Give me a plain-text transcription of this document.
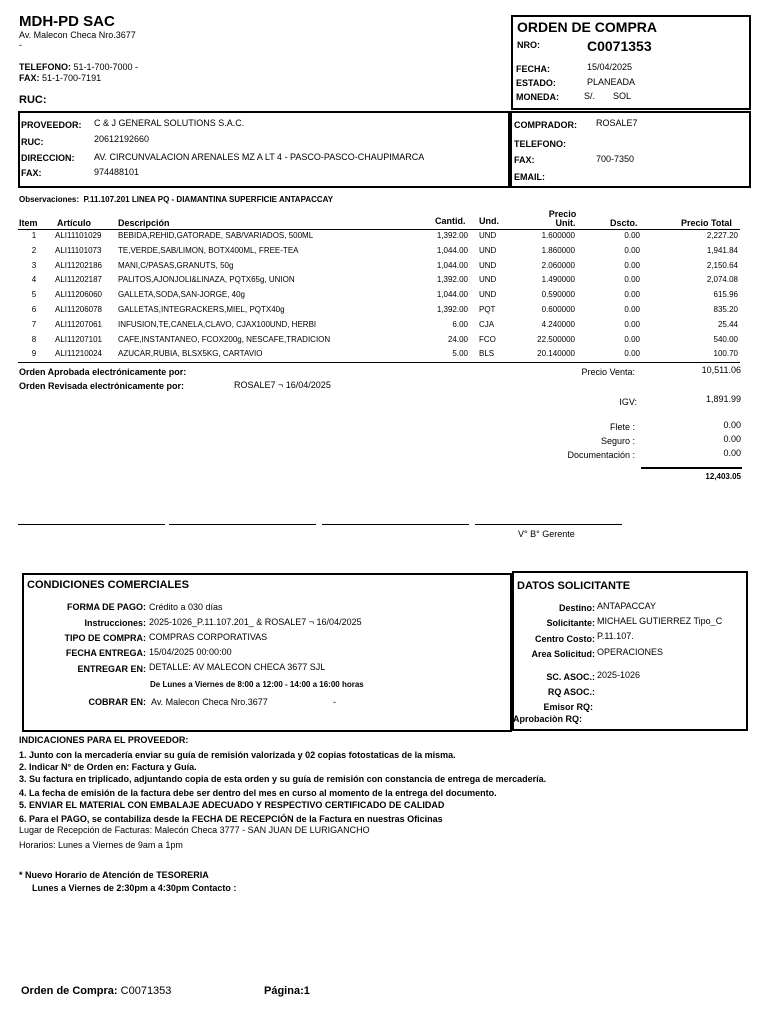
MDH-PD SAC
Av. Malecon Checa Nro.3677
-
TELEFONO: 51-1-700-7000 -
FAX: 51-1-700-7191
RUC:
ORDEN DE COMPRA
NRO:	C0071353
FECHA:	15/04/2025
ESTADO:	PLANEADA
MONEDA:	S/. SOL
PROVEEDOR: C & J GENERAL SOLUTIONS S.A.C.
RUC:	20612192660
DIRECCION: AV. CIRCUNVALACION ARENALES MZ A LT 4 - PASCO-PASCO-CHAUPIMARCA
FAX:	974488101
COMPRADOR: ROSALE7
TELEFONO:
FAX:	700-7350
EMAIL:
Observaciones: P.11.107.201 LINEA PQ - DIAMANTINA SUPERFICIE ANTAPACCAY
Item Artículo	Descripción	Cantid. Und.
Precio
Unit.	Dscto.	Precio Total
1	ALI11101029	BEBIDA,REHID,GATORADE, SAB/VARIADOS, 500ML	1,392.00 UND	1.600000	0.00	2,227.20
2	ALI11101073	TE,VERDE,SAB/LIMON, BOTX400ML, FREE-TEA	1,044.00 UND	1.860000	0.00	1,941.84
3	ALI11202186	MANI,C/PASAS,GRANUTS, 50g	1,044.00 UND	2.060000	0.00	2,150.64
4	ALI11202187	PALITOS,AJONJOLI&LINAZA, PQTX65g, UNION	1,392.00 UND	1.490000	0.00	2,074.08
5	ALI11206060	GALLETA,SODA,SAN-JORGE, 40g	1,044.00 UND	0.590000	0.00	615.96
6	ALI11206078	GALLETAS,INTEGRACKERS,MIEL, PQTX40g	1,392.00 PQT	0.600000	0.00	835.20
7	ALI11207061	INFUSION,TE,CANELA,CLAVO, CJAX100UND, HERBI	6.00 CJA	4.240000	0.00	25.44
8	ALI11207101	CAFE,INSTANTANEO, FCOX200g, NESCAFE,TRADICION	24.00 FCO	22.500000	0.00	540.00
9	ALI11210024	AZUCAR,RUBIA, BLSX5KG, CARTAVIO	5.00 BLS	20.140000	0.00	100.70
Orden Aprobada electrónicamente por:
Orden Revisada electrónicamente por:	ROSALE7 ¬ 16/04/2025
Precio Venta:	10,511.06
IGV:	1,891.99
Flete :	0.00
Seguro :	0.00
Documentación :	0.00
12,403.05
V° B° Gerente
CONDICIONES COMERCIALES
FORMA DE PAGO: Crédito a 030 días
Instrucciones: 2025-1026_P.11.107.201_ & ROSALE7 ¬ 16/04/2025
TIPO DE COMPRA: COMPRAS CORPORATIVAS
FECHA ENTREGA: 15/04/2025 00:00:00
ENTREGAR EN: DETALLE: AV MALECON CHECA 3677 SJL
De Lunes a Viernes de 8:00 a 12:00 - 14:00 a 16:00 horas
COBRAR EN: Av. Malecon Checa Nro.3677	-
DATOS SOLICITANTE
Destino: ANTAPACCAY
Solicitante: MICHAEL GUTIERREZ Tipo_C
Centro Costo: P.11.107.
Area Solicitud: OPERACIONES
SC. ASOC.: 2025-1026
RQ ASOC.:
Emisor RQ:
Aprobaciòn RQ:
INDICACIONES PARA EL PROVEEDOR:
1. Junto con la mercadería enviar su guía de remisión valorizada y 02 copias fotostaticas de la misma.
2. Indicar N° de Orden en: Factura y Guía.
3. Su factura en triplicado, adjuntando copia de esta orden y su guía de remisión con constancia de entrega de mercadería.
4. La fecha de emisión de la factura debe ser dentro del mes en curso al momento de la entrega del documento.
5. ENVIAR EL MATERIAL CON EMBALAJE ADECUADO Y RESPECTIVO CERTIFICADO DE CALIDAD
6. Para el PAGO, se contabiliza desde la FECHA DE RECEPCIÓN de la Factura en nuestras Oficinas
Lugar de Recepción de Facturas: Malecón Checa 3777 - SAN JUAN DE LURIGANCHO
Horarios: Lunes a Viernes de 9am a 1pm
* Nuevo Horario de Atención de TESORERIA
Lunes a Viernes de 2:30pm a 4:30pm Contacto :
Orden de Compra: C0071353	Página:1
